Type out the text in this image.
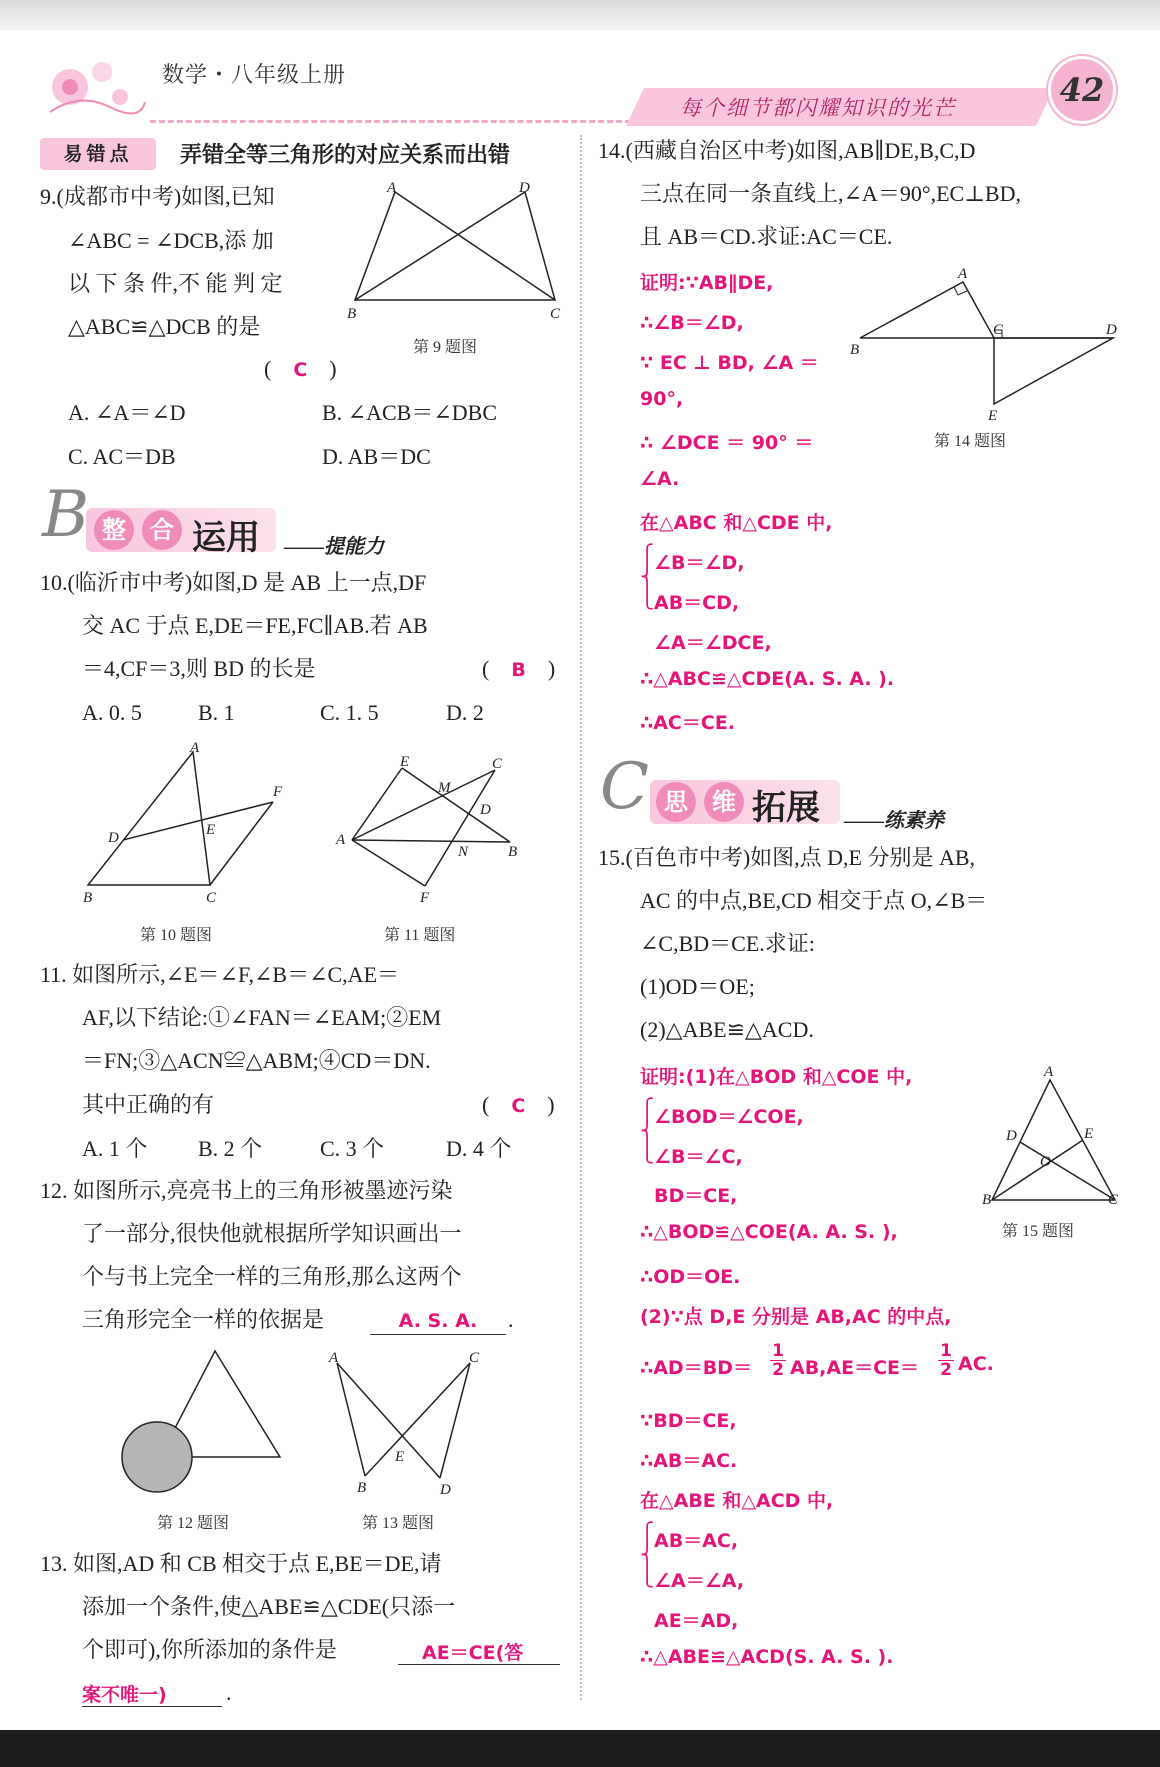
数学・八年级上册
每个细节都闪耀知识的光芒	42
易错点	弄错全等三角形的对应关系而出错
9.(成都市中考)如图,已知
∠ABC = ∠DCB,添 加
以 下 条 件,不 能 判 定
△ABC≌△DCB 的是
(　C　)
A. ∠A＝∠D	B. ∠ACB＝∠DBC
C. AC＝DB	D. AB＝DC
A	D
B	C
第 9 题图
B 整	合 运用 ——提能力
10.(临沂市中考)如图,D 是 AB 上一点,DF
交 AC 于点 E,DE＝FE,FC∥AB.若 AB
＝4,CF＝3,则 BD 的长是	(　B　)
A. 0. 5	B. 1	C. 1. 5	D. 2
A
D	E
F
B	C
第 10 题图
E
M
C
D
A
N	B
F
第 11 题图
11. 如图所示,∠E＝∠F,∠B＝∠C,AE＝
AF,以下结论:①∠FAN＝∠EAM;②EM
＝FN;③△ACN≌△ABM;④CD＝DN.
其中正确的有	(　C　)
A. 1 个 B. 2 个	C. 3 个	D. 4 个
12. 如图所示,亮亮书上的三角形被墨迹污染
了一部分,很快他就根据所学知识画出一
个与书上完全一样的三角形,那么这两个
三角形完全一样的依据是	A. S. A.	.
第 12 题图
A	C
E
B	D
第 13 题图
13. 如图,AD 和 CB 相交于点 E,BE＝DE,请
添加一个条件,使△ABE≌△CDE(只添一
个即可),你所添加的条件是	AE＝CE(答
案不唯一)	.
14.(西藏自治区中考)如图,AB∥DE,B,C,D
三点在同一条直线上,∠A＝90°,EC⊥BD,
且 AB＝CD.求证:AC＝CE.
证明:∵AB∥DE,
∴∠B＝∠D,
∵ EC ⊥ BD, ∠A ＝
90°,
∴ ∠DCE ＝ 90° ＝
∠A.
在△ABC 和△CDE 中,
⎧
⎨
⎩
∠B＝∠D,
AB＝CD,
∠A＝∠DCE,
∴△ABC≌△CDE(A. S. A. ).
∴AC＝CE.
A
B
C	D
E
第 14 题图
C 思	维 拓展 ——练素养
15.(百色市中考)如图,点 D,E 分别是 AB,
AC 的中点,BE,CD 相交于点 O,∠B＝
∠C,BD＝CE.求证:
(1)OD＝OE;
(2)△ABE≌△ACD.
证明:(1)在△BOD 和△COE 中,
⎧
⎨
⎩
∠BOD＝∠COE,
∠B＝∠C,
BD＝CE,
∴△BOD≌△COE(A. A. S. ),
∴OD＝OE.
(2)∵点 D,E 分别是 AB,AC 的中点,
∴AD＝BD＝
1
2 AB,AE＝CE＝
1
2 AC.
∵BD＝CE,
∴AB＝AC.
在△ABE 和△ACD 中,
⎧
⎨
⎩
AB＝AC,
∠A＝∠A,
AE＝AD,
∴△ABE≌△ACD(S. A. S. ).
A
D	E
O
B	C
第 15 题图
